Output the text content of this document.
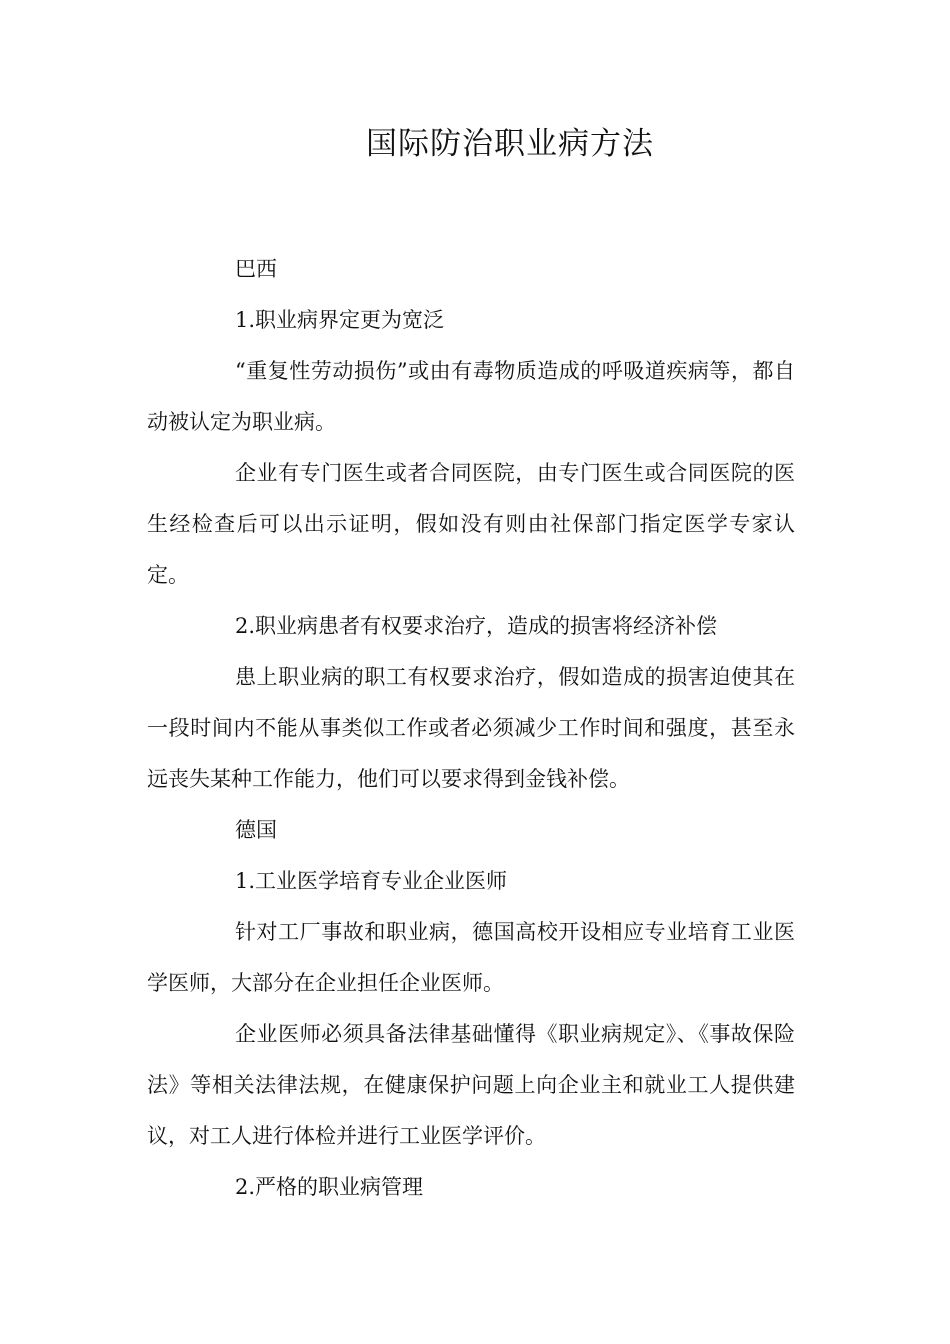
国际防治职业病方法

巴西

1.职业病界定更为宽泛

“重复性劳动损伤”或由有毒物质造成的呼吸道疾病等，都自动被认定为职业病。

企业有专门医生或者合同医院，由专门医生或合同医院的医生经检查后可以出示证明，假如没有则由社保部门指定医学专家认定。

2.职业病患者有权要求治疗，造成的损害将经济补偿

患上职业病的职工有权要求治疗，假如造成的损害迫使其在一段时间内不能从事类似工作或者必须减少工作时间和强度，甚至永远丧失某种工作能力，他们可以要求得到金钱补偿。

德国

1.工业医学培育专业企业医师

针对工厂事故和职业病，德国高校开设相应专业培育工业医学医师，大部分在企业担任企业医师。

企业医师必须具备法律基础懂得《职业病规定》、《事故保险法》等相关法律法规，在健康保护问题上向企业主和就业工人提供建议，对工人进行体检并进行工业医学评价。

2.严格的职业病管理
